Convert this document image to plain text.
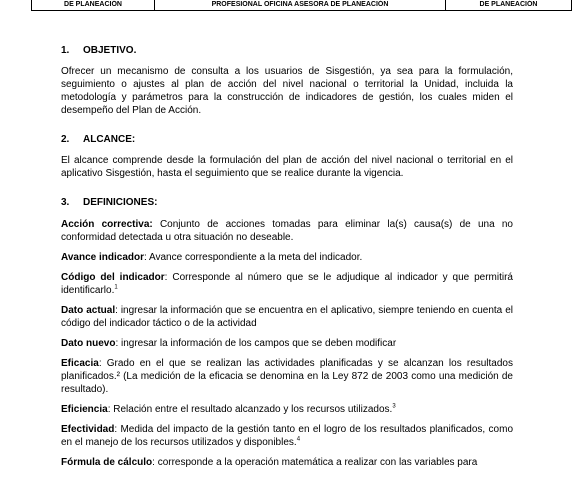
DE PLANEACIÓN	PROFESIONAL OFICINA ASESORA DE PLANEACIÓN	DE PLANEACIÓN
1. OBJETIVO.

Ofrecer un mecanismo de consulta a los usuarios de Sisgestión, ya sea para la formulación, seguimiento o ajustes al plan de acción del nivel nacional o territorial la Unidad, incluida la metodología y parámetros para la construcción de indicadores de gestión, los cuales miden el desempeño del Plan de Acción.

2. ALCANCE:

El alcance comprende desde la formulación del plan de acción del nivel nacional o territorial en el aplicativo Sisgestión, hasta el seguimiento que se realice durante la vigencia.

3. DEFINICIONES:

Acción correctiva: Conjunto de acciones tomadas para eliminar la(s) causa(s) de una no conformidad detectada u otra situación no deseable.

Avance indicador: Avance correspondiente a la meta del indicador.

Código del indicador: Corresponde al número que se le adjudique al indicador y que permitirá identificarlo.$^1$

Dato actual: ingresar la información que se encuentra en el aplicativo, siempre teniendo en cuenta el código del indicador táctico o de la actividad

Dato nuevo: ingresar la información de los campos que se deben modificar

Eficacia: Grado en el que se realizan las actividades planificadas y se alcanzan los resultados planificados.² (La medición de la eficacia se denomina en la Ley 872 de 2003 como una medición de resultado).

Eficiencia: Relación entre el resultado alcanzado y los recursos utilizados.$^3$

Efectividad: Medida del impacto de la gestión tanto en el logro de los resultados planificados, como en el manejo de los recursos utilizados y disponibles.$^4$

Fórmula de cálculo: corresponde a la operación matemática a realizar con las variables para
